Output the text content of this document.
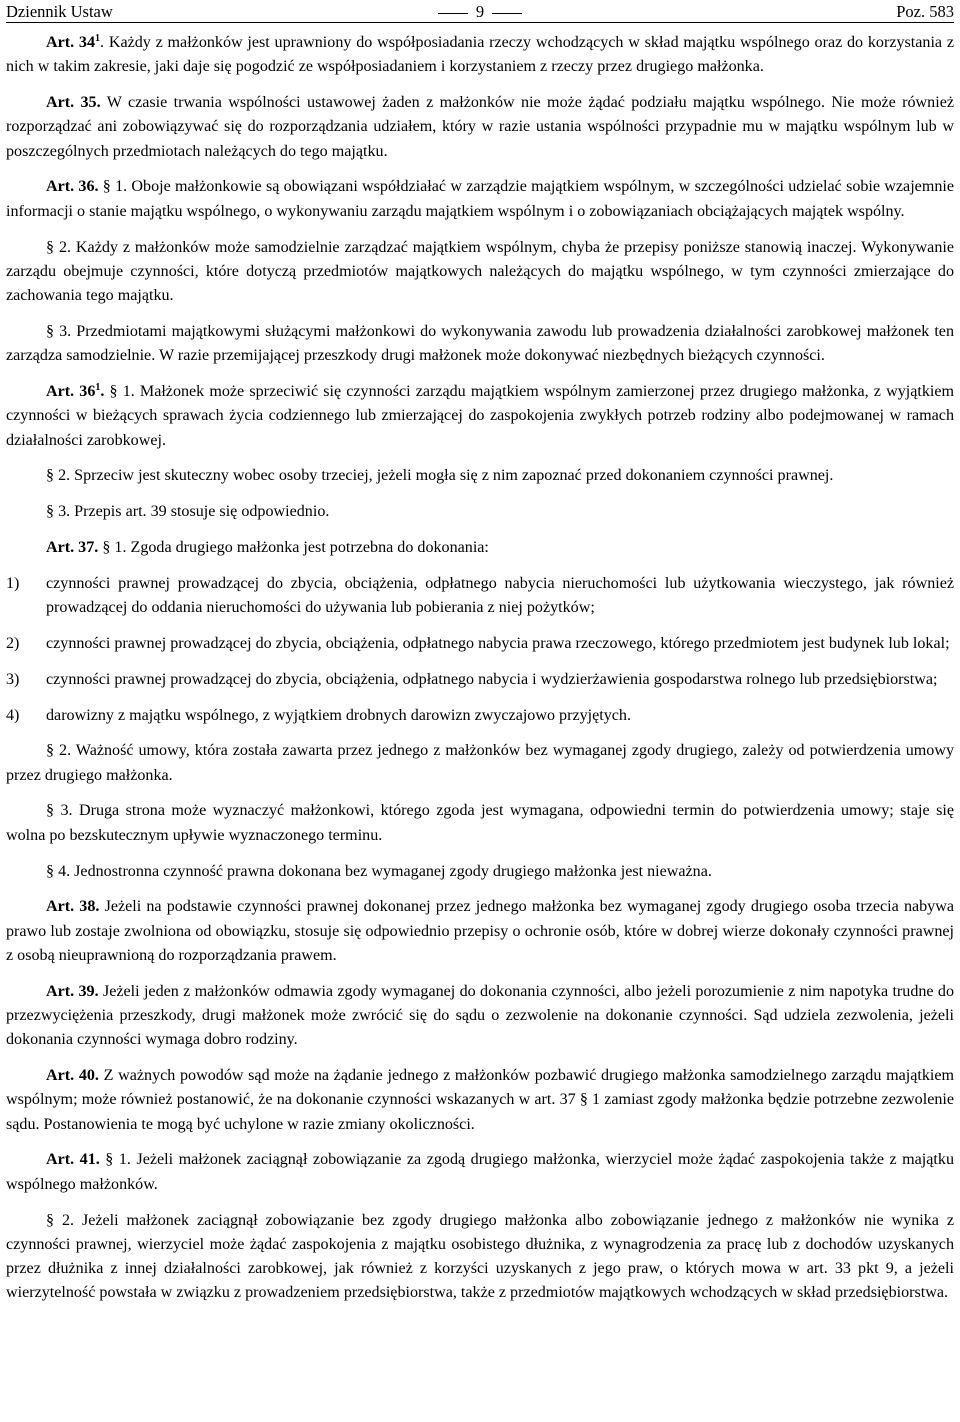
Dziennik Ustaw	9	Poz. 583

Art. $34^1$. Każdy z małżonków jest uprawniony do współposiadania rzeczy wchodzących w skład majątku wspólnego oraz do korzystania z nich w takim zakresie, jaki daje się pogodzić ze współposiadaniem i korzystaniem z rzeczy przez drugiego małżonka.

Art. 35. W czasie trwania wspólności ustawowej żaden z małżonków nie może żądać podziału majątku wspólnego. Nie może również rozporządzać ani zobowiązywać się do rozporządzania udziałem, który w razie ustania wspólności przypadnie mu w majątku wspólnym lub w poszczególnych przedmiotach należących do tego majątku.

Art. 36. § 1. Oboje małżonkowie są obowiązani współdziałać w zarządzie majątkiem wspólnym, w szczególności udzielać sobie wzajemnie informacji o stanie majątku wspólnego, o wykonywaniu zarządu majątkiem wspólnym i o zobowiązaniach obciążających majątek wspólny.

§ 2. Każdy z małżonków może samodzielnie zarządzać majątkiem wspólnym, chyba że przepisy poniższe stanowią inaczej. Wykonywanie zarządu obejmuje czynności, które dotyczą przedmiotów majątkowych należących do majątku wspólnego, w tym czynności zmierzające do zachowania tego majątku.

§ 3. Przedmiotami majątkowymi służącymi małżonkowi do wykonywania zawodu lub prowadzenia działalności zarobkowej małżonek ten zarządza samodzielnie. W razie przemijającej przeszkody drugi małżonek może dokonywać niezbędnych bieżących czynności.

Art. $36^1$. § 1. Małżonek może sprzeciwić się czynności zarządu majątkiem wspólnym zamierzonej przez drugiego małżonka, z wyjątkiem czynności w bieżących sprawach życia codziennego lub zmierzającej do zaspokojenia zwykłych potrzeb rodziny albo podejmowanej w ramach działalności zarobkowej.

§ 2. Sprzeciw jest skuteczny wobec osoby trzeciej, jeżeli mogła się z nim zapoznać przed dokonaniem czynności prawnej.

§ 3. Przepis art. 39 stosuje się odpowiednio.

Art. 37. § 1. Zgoda drugiego małżonka jest potrzebna do dokonania:

1)	czynności prawnej prowadzącej do zbycia, obciążenia, odpłatnego nabycia nieruchomości lub użytkowania wieczystego, jak również prowadzącej do oddania nieruchomości do używania lub pobierania z niej pożytków;
2)	czynności prawnej prowadzącej do zbycia, obciążenia, odpłatnego nabycia prawa rzeczowego, którego przedmiotem jest budynek lub lokal;
3)	czynności prawnej prowadzącej do zbycia, obciążenia, odpłatnego nabycia i wydzierżawienia gospodarstwa rolnego lub przedsiębiorstwa;
4)	darowizny z majątku wspólnego, z wyjątkiem drobnych darowizn zwyczajowo przyjętych.

§ 2. Ważność umowy, która została zawarta przez jednego z małżonków bez wymaganej zgody drugiego, zależy od potwierdzenia umowy przez drugiego małżonka.

§ 3. Druga strona może wyznaczyć małżonkowi, którego zgoda jest wymagana, odpowiedni termin do potwierdzenia umowy; staje się wolna po bezskutecznym upływie wyznaczonego terminu.

§ 4. Jednostronna czynność prawna dokonana bez wymaganej zgody drugiego małżonka jest nieważna.

Art. 38. Jeżeli na podstawie czynności prawnej dokonanej przez jednego małżonka bez wymaganej zgody drugiego osoba trzecia nabywa prawo lub zostaje zwolniona od obowiązku, stosuje się odpowiednio przepisy o ochronie osób, które w dobrej wierze dokonały czynności prawnej z osobą nieuprawnioną do rozporządzania prawem.

Art. 39. Jeżeli jeden z małżonków odmawia zgody wymaganej do dokonania czynności, albo jeżeli porozumienie z nim napotyka trudne do przezwyciężenia przeszkody, drugi małżonek może zwrócić się do sądu o zezwolenie na dokonanie czynności. Sąd udziela zezwolenia, jeżeli dokonania czynności wymaga dobro rodziny.

Art. 40. Z ważnych powodów sąd może na żądanie jednego z małżonków pozbawić drugiego małżonka samodzielnego zarządu majątkiem wspólnym; może również postanowić, że na dokonanie czynności wskazanych w art. 37 § 1 zamiast zgody małżonka będzie potrzebne zezwolenie sądu. Postanowienia te mogą być uchylone w razie zmiany okoliczności.

Art. 41. § 1. Jeżeli małżonek zaciągnął zobowiązanie za zgodą drugiego małżonka, wierzyciel może żądać zaspokojenia także z majątku wspólnego małżonków.

§ 2. Jeżeli małżonek zaciągnął zobowiązanie bez zgody drugiego małżonka albo zobowiązanie jednego z małżonków nie wynika z czynności prawnej, wierzyciel może żądać zaspokojenia z majątku osobistego dłużnika, z wynagrodzenia za pracę lub z dochodów uzyskanych przez dłużnika z innej działalności zarobkowej, jak również z korzyści uzyskanych z jego praw, o których mowa w art. 33 pkt 9, a jeżeli wierzytelność powstała w związku z prowadzeniem przedsiębiorstwa, także z przedmiotów majątkowych wchodzących w skład przedsiębiorstwa.
